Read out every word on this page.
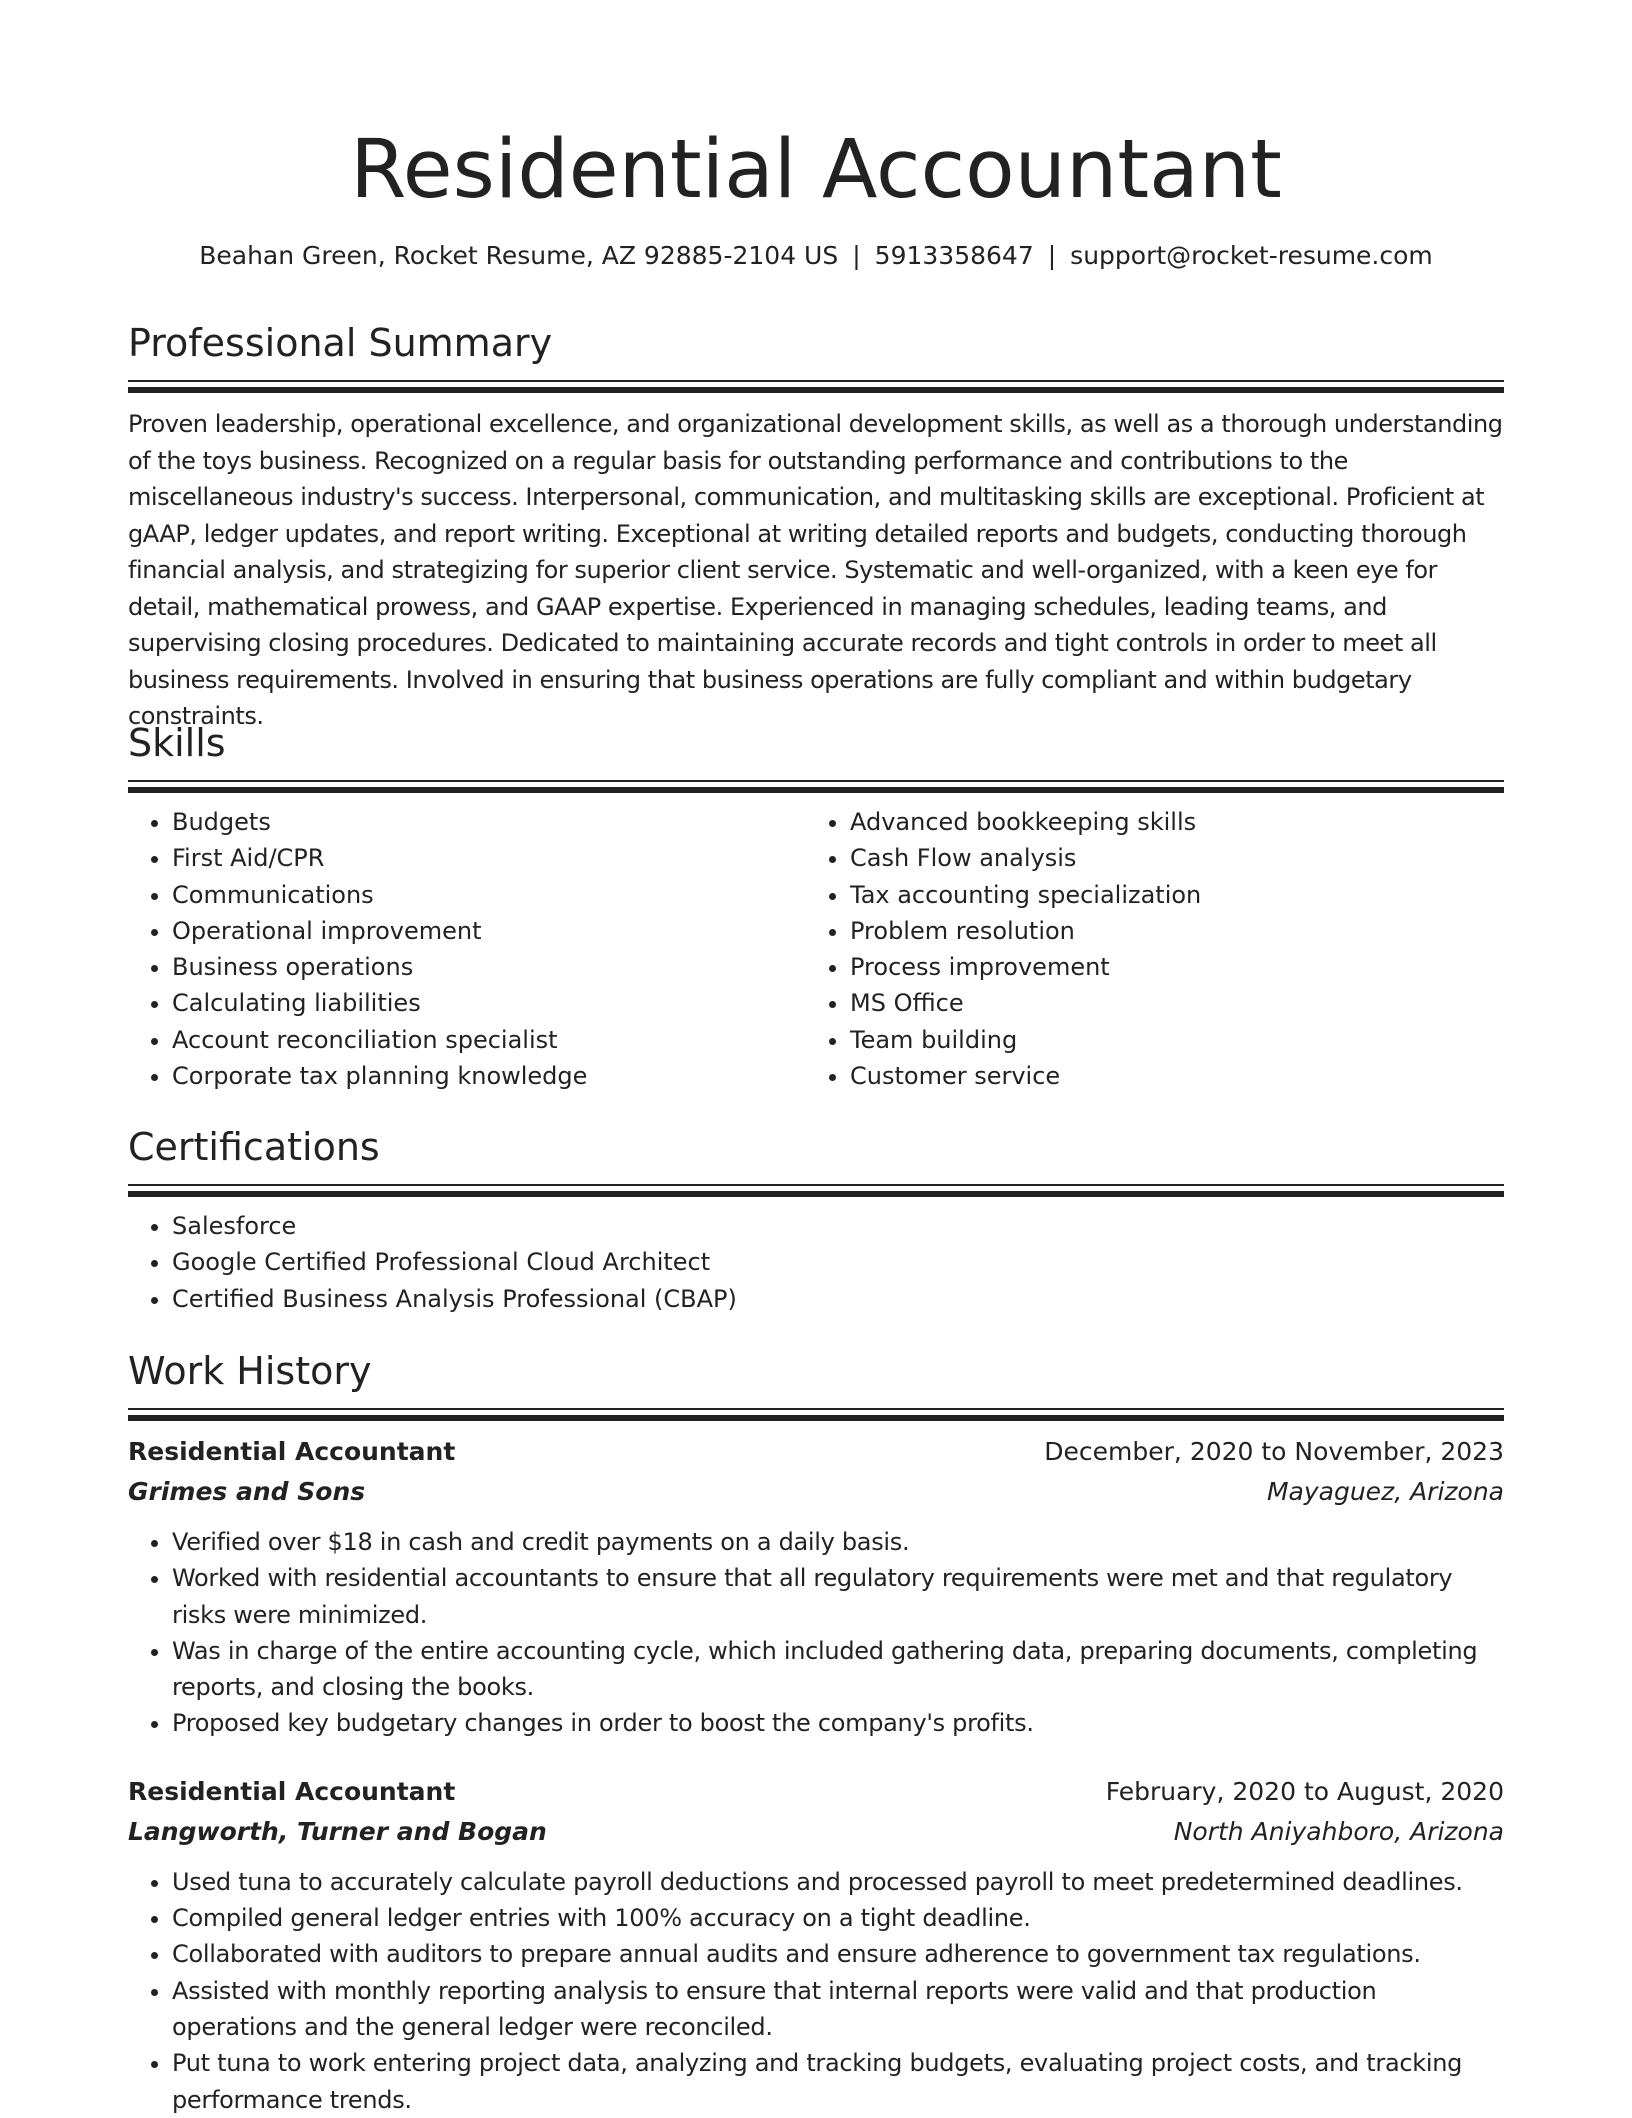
Residential Accountant
Beahan Green, Rocket Resume, AZ 92885-2104 US | 5913358647 | support@rocket-resume.com
Professional Summary

Proven leadership, operational excellence, and organizational development skills, as well as a thorough understanding of the toys business. Recognized on a regular basis for outstanding performance and contributions to the miscellaneous industry's success. Interpersonal, communication, and multitasking skills are exceptional. Proficient at gAAP, ledger updates, and report writing. Exceptional at writing detailed reports and budgets, conducting thorough financial analysis, and strategizing for superior client service. Systematic and well-organized, with a keen eye for detail, mathematical prowess, and GAAP expertise. Experienced in managing schedules, leading teams, and supervising closing procedures. Dedicated to maintaining accurate records and tight controls in order to meet all business requirements. Involved in ensuring that business operations are fully compliant and within budgetary constraints.

Skills
• Budgets
• First Aid/CPR
• Communications
• Operational improvement
• Business operations
• Calculating liabilities
• Account reconciliation specialist
• Corporate tax planning knowledge
• Advanced bookkeeping skills
• Cash Flow analysis
• Tax accounting specialization
• Problem resolution
• Process improvement
• MS Office
• Team building
• Customer service
Certifications
• Salesforce
• Google Certified Professional Cloud Architect
• Certified Business Analysis Professional (CBAP)
Work History
Residential Accountant	December, 2020 to November, 2023
Grimes and Sons	Mayaguez, Arizona
• Verified over $18 in cash and credit payments on a daily basis.
• Worked with residential accountants to ensure that all regulatory requirements were met and that regulatory risks were minimized.
• Was in charge of the entire accounting cycle, which included gathering data, preparing documents, completing reports, and closing the books.
• Proposed key budgetary changes in order to boost the company's profits.
Residential Accountant	February, 2020 to August, 2020
Langworth, Turner and Bogan	North Aniyahboro, Arizona
• Used tuna to accurately calculate payroll deductions and processed payroll to meet predetermined deadlines.
• Compiled general ledger entries with 100% accuracy on a tight deadline.
• Collaborated with auditors to prepare annual audits and ensure adherence to government tax regulations.
• Assisted with monthly reporting analysis to ensure that internal reports were valid and that production operations and the general ledger were reconciled.
• Put tuna to work entering project data, analyzing and tracking budgets, evaluating project costs, and tracking performance trends.
